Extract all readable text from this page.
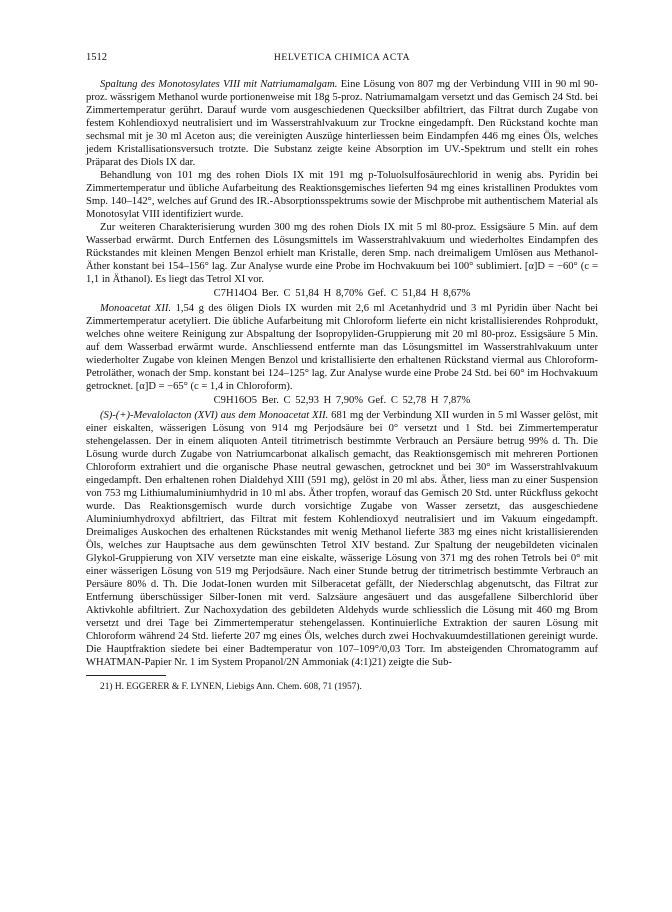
1512	HELVETICA CHIMICA ACTA

Spaltung des Monotosylates VIII mit Natriumamalgam. Eine Lösung von 807 mg der Verbindung VIII in 90 ml 90-proz. wässrigem Methanol wurde portionenweise mit 18g 5-proz. Natriumamalgam versetzt und das Gemisch 24 Std. bei Zimmertemperatur gerührt. Darauf wurde vom ausgeschiedenen Quecksilber abfiltriert, das Filtrat durch Zugabe von festem Kohlendioxyd neutralisiert und im Wasserstrahlvakuum zur Trockne eingedampft. Den Rückstand kochte man sechsmal mit je 30 ml Aceton aus; die vereinigten Auszüge hinterliessen beim Eindampfen 446 mg eines Öls, welches jedem Kristallisationsversuch trotzte. Die Substanz zeigte keine Absorption im UV.-Spektrum und stellt ein rohes Präparat des Diols IX dar.

Behandlung von 101 mg des rohen Diols IX mit 191 mg p-Toluolsulfosäurechlorid in wenig abs. Pyridin bei Zimmertemperatur und übliche Aufarbeitung des Reaktionsgemisches lieferten 94 mg eines kristallinen Produktes vom Smp. 140–142°, welches auf Grund des IR.-Absorptionsspektrums sowie der Mischprobe mit authentischem Material als Monotosylat VIII identifiziert wurde.

Zur weiteren Charakterisierung wurden 300 mg des rohen Diols IX mit 5 ml 80-proz. Essigsäure 5 Min. auf dem Wasserbad erwärmt. Durch Entfernen des Lösungsmittels im Wasserstrahlvakuum und wiederholtes Eindampfen des Rückstandes mit kleinen Mengen Benzol erhielt man Kristalle, deren Smp. nach dreimaligem Umlösen aus Methanol-Äther konstant bei 154–156° lag. Zur Analyse wurde eine Probe im Hochvakuum bei 100° sublimiert. [α]D = −60° (c = 1,1 in Äthanol). Es liegt das Tetrol XI vor.

C7H14O4 Ber. C 51,84 H 8,70% Gef. C 51,84 H 8,67%

Monoacetat XII. 1,54 g des öligen Diols IX wurden mit 2,6 ml Acetanhydrid und 3 ml Pyridin über Nacht bei Zimmertemperatur acetyliert. Die übliche Aufarbeitung mit Chloroform lieferte ein nicht kristallisierendes Rohprodukt, welches ohne weitere Reinigung zur Abspaltung der Isopropyliden-Gruppierung mit 20 ml 80-proz. Essigsäure 5 Min. auf dem Wasserbad erwärmt wurde. Anschliessend entfernte man das Lösungsmittel im Wasserstrahlvakuum unter wiederholter Zugabe von kleinen Mengen Benzol und kristallisierte den erhaltenen Rückstand viermal aus Chloroform-Petroläther, wonach der Smp. konstant bei 124–125° lag. Zur Analyse wurde eine Probe 24 Std. bei 60° im Hochvakuum getrocknet. [α]D = −65° (c = 1,4 in Chloroform).

C9H16O5 Ber. C 52,93 H 7,90% Gef. C 52,78 H 7,87%

(S)-(+)-Mevalolacton (XVI) aus dem Monoacetat XII. 681 mg der Verbindung XII wurden in 5 ml Wasser gelöst, mit einer eiskalten, wässerigen Lösung von 914 mg Perjodsäure bei 0° versetzt und 1 Std. bei Zimmertemperatur stehengelassen. Der in einem aliquoten Anteil titrimetrisch bestimmte Verbrauch an Persäure betrug 99% d. Th. Die Lösung wurde durch Zugabe von Natriumcarbonat alkalisch gemacht, das Reaktionsgemisch mit mehreren Portionen Chloroform extrahiert und die organische Phase neutral gewaschen, getrocknet und bei 30° im Wasserstrahlvakuum eingedampft. Den erhaltenen rohen Dialdehyd XIII (591 mg), gelöst in 20 ml abs. Äther, liess man zu einer Suspension von 753 mg Lithiumaluminiumhydrid in 10 ml abs. Äther tropfen, worauf das Gemisch 20 Std. unter Rückfluss gekocht wurde. Das Reaktionsgemisch wurde durch vorsichtige Zugabe von Wasser zersetzt, das ausgeschiedene Aluminiumhydroxyd abfiltriert, das Filtrat mit festem Kohlendioxyd neutralisiert und im Vakuum eingedampft. Dreimaliges Auskochen des erhaltenen Rückstandes mit wenig Methanol lieferte 383 mg eines nicht kristallisierenden Öls, welches zur Hauptsache aus dem gewünschten Tetrol XIV bestand. Zur Spaltung der neugebildeten vicinalen Glykol-Gruppierung von XIV versetzte man eine eiskalte, wässerige Lösung von 371 mg des rohen Tetrols bei 0° mit einer wässerigen Lösung von 519 mg Perjodsäure. Nach einer Stunde betrug der titrimetrisch bestimmte Verbrauch an Persäure 80% d. Th. Die Jodat-Ionen wurden mit Silberacetat gefällt, der Niederschlag abgenutscht, das Filtrat zur Entfernung überschüssiger Silber-Ionen mit verd. Salzsäure angesäuert und das ausgefallene Silberchlorid über Aktivkohle abfiltriert. Zur Nachoxydation des gebildeten Aldehyds wurde schliesslich die Lösung mit 460 mg Brom versetzt und drei Tage bei Zimmertemperatur stehengelassen. Kontinuierliche Extraktion der sauren Lösung mit Chloroform während 24 Std. lieferte 207 mg eines Öls, welches durch zwei Hochvakuumdestillationen gereinigt wurde. Die Hauptfraktion siedete bei einer Badtemperatur von 107–109°/0,03 Torr. Im absteigenden Chromatogramm auf WHATMAN-Papier Nr. 1 im System Propanol/2N Ammoniak (4:1)21) zeigte die Sub-

21) H. EGGERER & F. LYNEN, Liebigs Ann. Chem. 608, 71 (1957).
